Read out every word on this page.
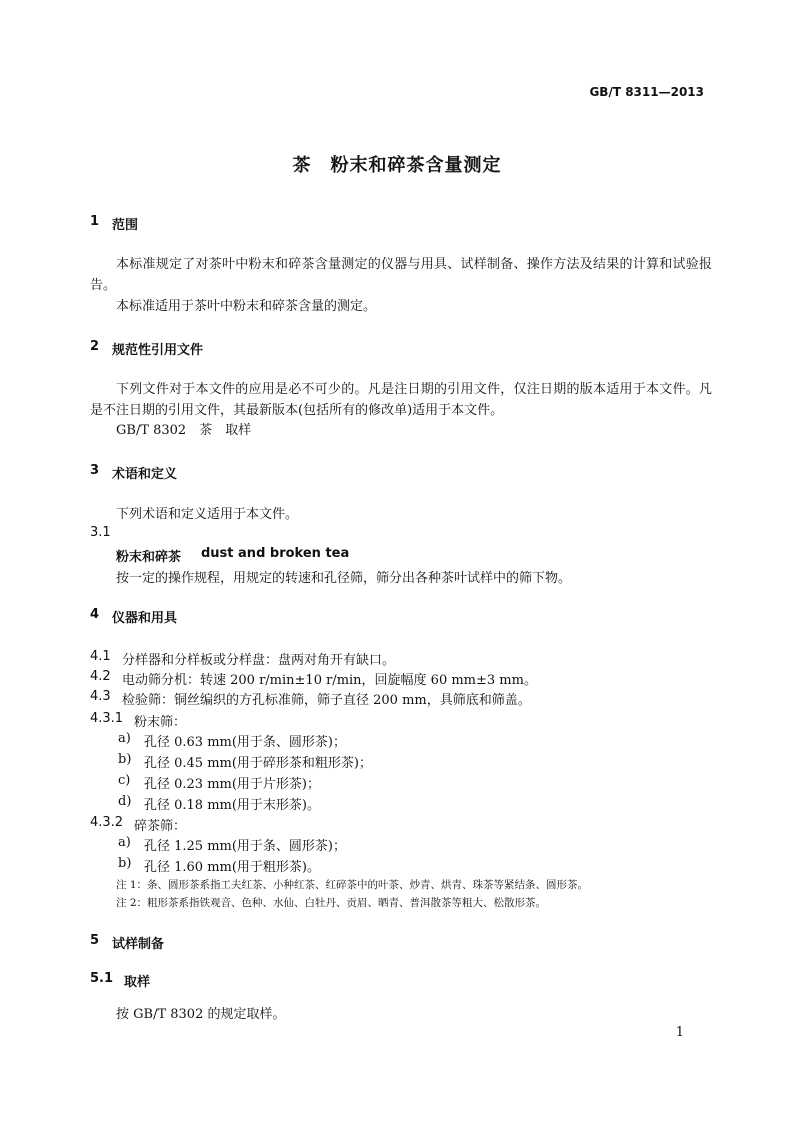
GB/T 8311—2013
茶　粉末和碎茶含量测定
1 范围
本标准规定了对茶叶中粉末和碎茶含量测定的仪器与用具、试样制备、操作方法及结果的计算和试验报告。
本标准适用于茶叶中粉末和碎茶含量的测定。
2 规范性引用文件
下列文件对于本文件的应用是必不可少的。凡是注日期的引用文件，仅注日期的版本适用于本文件。凡是不注日期的引用文件，其最新版本(包括所有的修改单)适用于本文件。
GB/T 8302　茶　取样
3 术语和定义
下列术语和定义适用于本文件。
3.1
粉末和碎茶 dust and broken tea
按一定的操作规程，用规定的转速和孔径筛，筛分出各种茶叶试样中的筛下物。
4 仪器和用具
4.1 分样器和分样板或分样盘：盘两对角开有缺口。
4.2 电动筛分机：转速 200 r/min±10 r/min，回旋幅度 60 mm±3 mm。
4.3 检验筛：铜丝编织的方孔标准筛，筛子直径 200 mm，具筛底和筛盖。
4.3.1 粉末筛：
a) 孔径 0.63 mm(用于条、圆形茶)；
b) 孔径 0.45 mm(用于碎形茶和粗形茶)；
c) 孔径 0.23 mm(用于片形茶)；
d) 孔径 0.18 mm(用于末形茶)。
4.3.2 碎茶筛：
a) 孔径 1.25 mm(用于条、圆形茶)；
b) 孔径 1.60 mm(用于粗形茶)。
注 1：条、圆形茶系指工夫红茶、小种红茶、红碎茶中的叶茶、炒青、烘青、珠茶等紧结条、圆形茶。
注 2：粗形茶系指铁观音、色种、水仙、白牡丹、贡眉、晒青、普洱散茶等粗大、松散形茶。
5 试样制备
5.1 取样
按 GB/T 8302 的规定取样。
1
